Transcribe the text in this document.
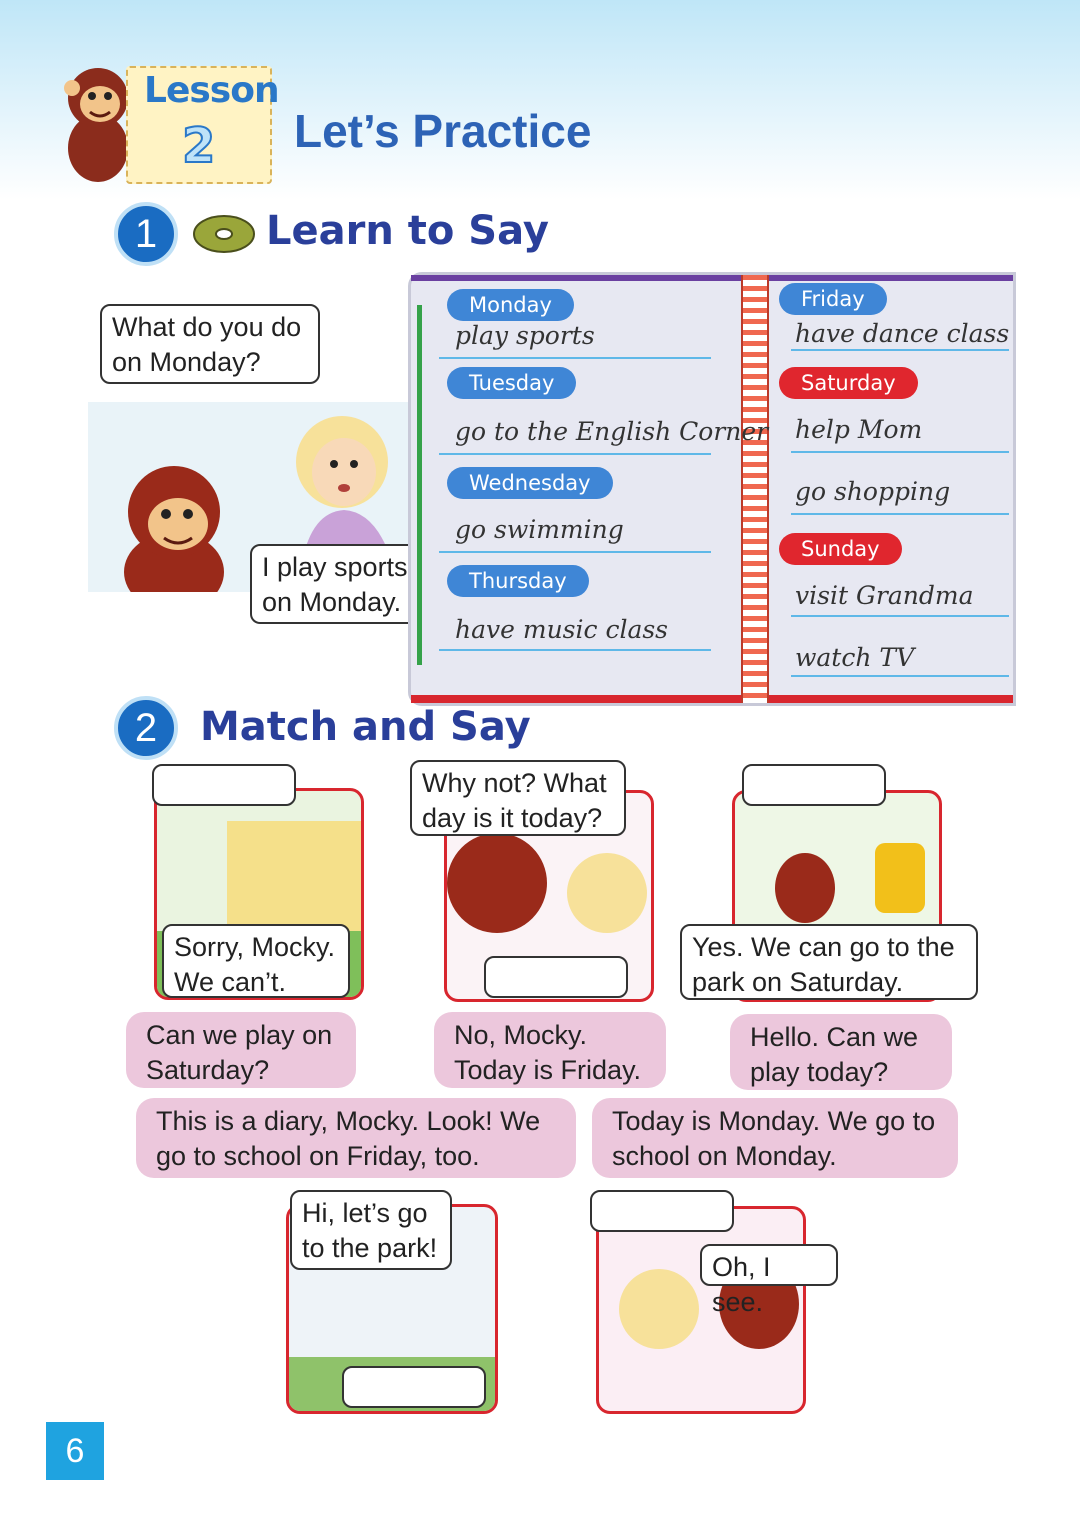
Lesson
2 Let’s Practice
1	Learn to Say
What do you do on Monday?
I play sports on Monday.
Monday
play sports
Tuesday
go to the English Corner
Wednesday
go swimming
Thursday
have music class
Friday
have dance class
Saturday
help Mom
go shopping
Sunday
visit Grandma
watch TV
2	Match and Say
Sorry, Mocky. We can’t.
Why not? What day is it today?
Yes. We can go to the park on Saturday.
Can we play on Saturday?
No, Mocky. Today is Friday.
Hello. Can we play today?
This is a diary, Mocky. Look! We go to school on Friday, too.
Today is Monday. We go to school on Monday.
Hi, let’s go to the park!
Oh, I see.
6
